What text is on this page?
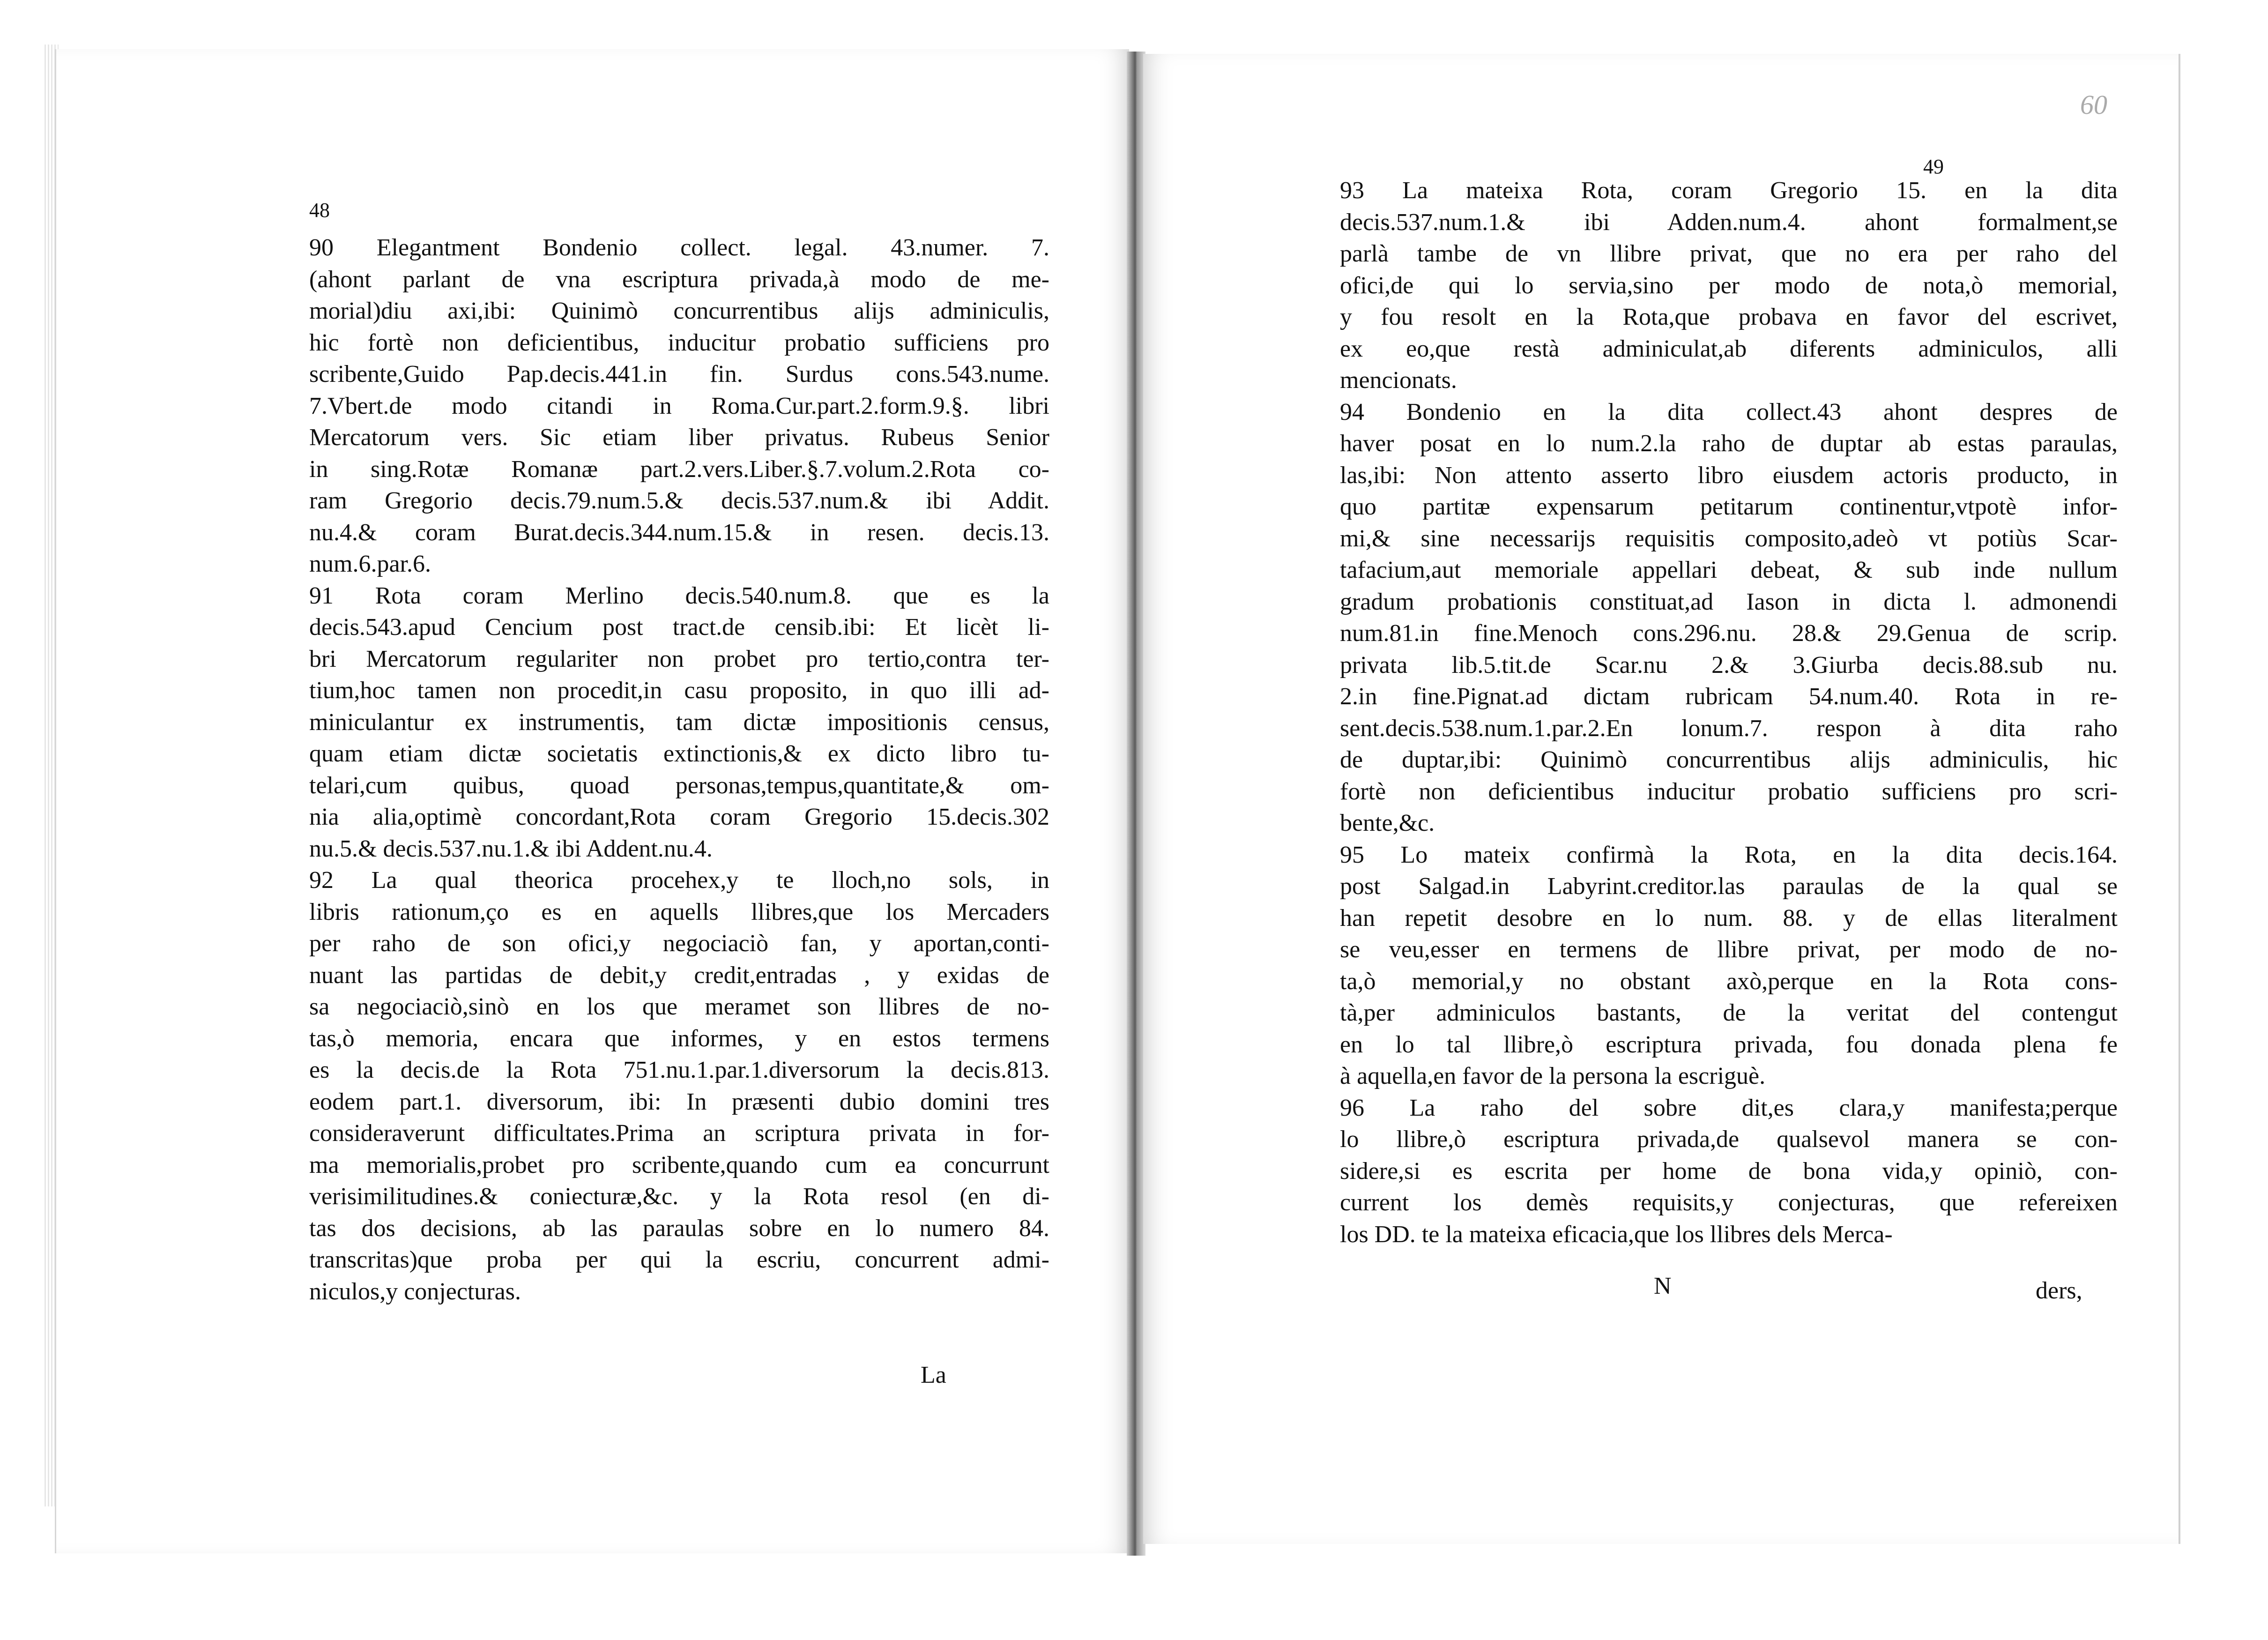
48
90 Elegantment Bondenio collect. legal. 43.numer. 7.
(ahont parlant de vna escriptura privada,à modo de me-
morial)diu axi,ibi: Quinimò concurrentibus alijs adminiculis,
hic fortè non deficientibus, inducitur probatio sufficiens pro
scribente,Guido Pap.decis.441.in fin. Surdus cons.543.nume.
7.Vbert.de modo citandi in Roma.Cur.part.2.form.9.§. libri
Mercatorum vers. Sic etiam liber privatus. Rubeus Senior
in sing.Rotæ Romanæ part.2.vers.Liber.§.7.volum.2.Rota co-
ram Gregorio decis.79.num.5.& decis.537.num.& ibi Addit.
nu.4.& coram Burat.decis.344.num.15.& in resen. decis.13.
num.6.par.6.
91 Rota coram Merlino decis.540.num.8. que es la
decis.543.apud Cencium post tract.de censib.ibi: Et licèt li-
bri Mercatorum regulariter non probet pro tertio,contra ter-
tium,hoc tamen non procedit,in casu proposito, in quo illi ad-
miniculantur ex instrumentis, tam dictæ impositionis census,
quam etiam dictæ societatis extinctionis,& ex dicto libro tu-
telari,cum quibus, quoad personas,tempus,quantitate,& om-
nia alia,optimè concordant,Rota coram Gregorio 15.decis.302
nu.5.& decis.537.nu.1.& ibi Addent.nu.4.
92 La qual theorica procehex,y te lloch,no sols, in
libris rationum,ço es en aquells llibres,que los Mercaders
per raho de son ofici,y negociaciò fan, y aportan,conti-
nuant las partidas de debit,y credit,entradas , y exidas de
sa negociaciò,sinò en los que meramet son llibres de no-
tas,ò memoria, encara que informes, y en estos termens
es la decis.de la Rota 751.nu.1.par.1.diversorum la decis.813.
eodem part.1. diversorum, ibi: In præsenti dubio domini tres
consideraverunt difficultates.Prima an scriptura privata in for-
ma memorialis,probet pro scribente,quando cum ea concurrunt
verisimilitudines.& coniecturæ,&c. y la Rota resol (en di-
tas dos decisions, ab las paraulas sobre en lo numero 84.
transcritas)que proba per qui la escriu, concurrent admi-
niculos,y conjecturas.
La
60
49
93 La mateixa Rota, coram Gregorio 15. en la dita
decis.537.num.1.& ibi Adden.num.4. ahont formalment,se
parlà tambe de vn llibre privat, que no era per raho del
ofici,de qui lo servia,sino per modo de nota,ò memorial,
y fou resolt en la Rota,que probava en favor del escrivet,
ex eo,que restà adminiculat,ab diferents adminiculos, alli
mencionats.
94 Bondenio en la dita collect.43 ahont despres de
haver posat en lo num.2.la raho de duptar ab estas paraulas,
las,ibi: Non attento asserto libro eiusdem actoris producto, in
quo partitæ expensarum petitarum continentur,vtpotè infor-
mi,& sine necessarijs requisitis composito,adeò vt potiùs Scar-
tafacium,aut memoriale appellari debeat, & sub inde nullum
gradum probationis constituat,ad Iason in dicta l. admonendi
num.81.in fine.Menoch cons.296.nu. 28.& 29.Genua de scrip.
privata lib.5.tit.de Scar.nu 2.& 3.Giurba decis.88.sub nu.
2.in fine.Pignat.ad dictam rubricam 54.num.40. Rota in re-
sent.decis.538.num.1.par.2.En lonum.7. respon à dita raho
de duptar,ibi: Quinimò concurrentibus alijs adminiculis, hic
fortè non deficientibus inducitur probatio sufficiens pro scri-
bente,&c.
95 Lo mateix confirmà la Rota, en la dita decis.164.
post Salgad.in Labyrint.creditor.las paraulas de la qual se
han repetit desobre en lo num. 88. y de ellas literalment
se veu,esser en termens de llibre privat, per modo de no-
ta,ò memorial,y no obstant axò,perque en la Rota cons-
tà,per adminiculos bastants, de la veritat del contengut
en lo tal llibre,ò escriptura privada, fou donada plena fe
à aquella,en favor de la persona la escriguè.
96 La raho del sobre dit,es clara,y manifesta;perque
lo llibre,ò escriptura privada,de qualsevol manera se con-
sidere,si es escrita per home de bona vida,y opiniò, con-
current los demès requisits,y conjecturas, que refereixen
los DD. te la mateixa eficacia,que los llibres dels Merca-
N	ders,
